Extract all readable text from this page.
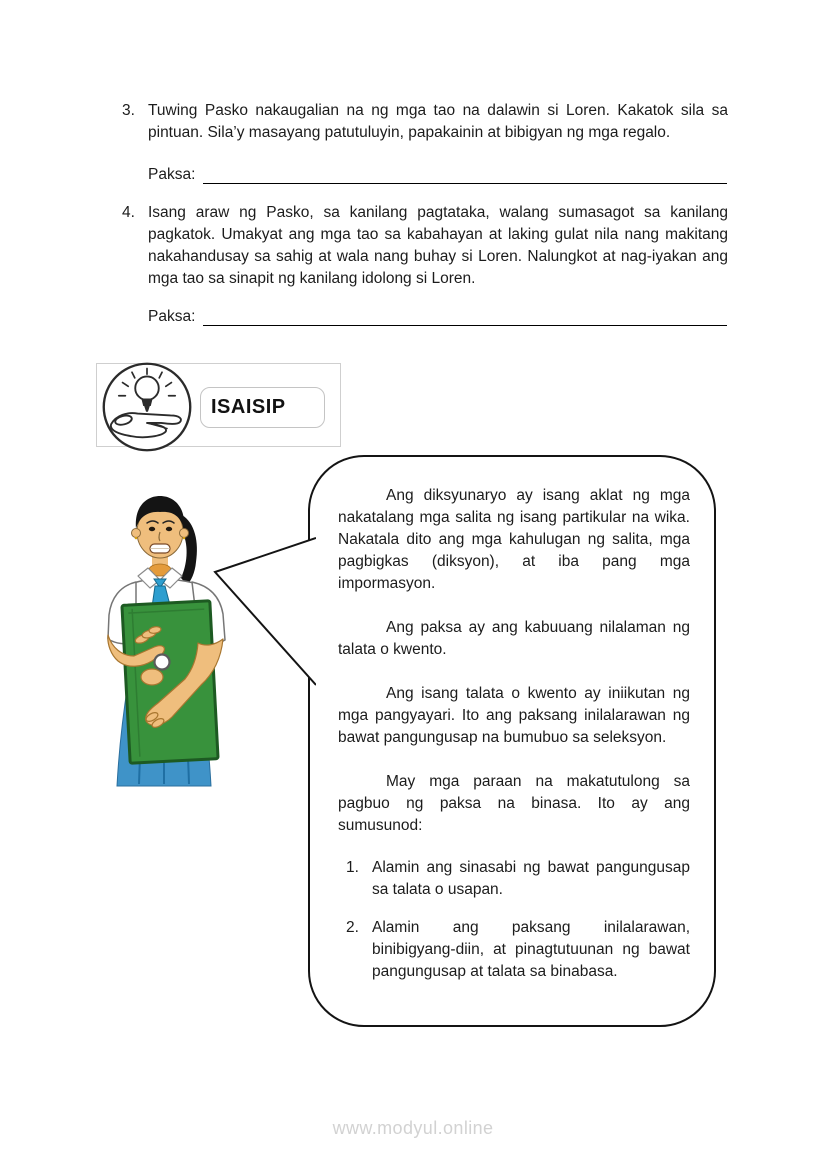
3. Tuwing Pasko nakaugalian na ng mga tao na dalawin si Loren. Kakatok sila sa pintuan. Sila’y masayang patutuluyin, papakainin at bibigyan ng mga regalo.
Paksa:
4. Isang araw ng Pasko, sa kanilang pagtataka, walang sumasagot sa kanilang pagkatok. Umakyat ang mga tao sa kabahayan at laking gulat nila nang makitang nakahandusay sa sahig at wala nang buhay si Loren. Nalungkot at nag-iyakan ang mga tao sa sinapit ng kanilang idolong si Loren.
Paksa:
ISAISIP

Ang diksyunaryo ay isang aklat ng mga nakatalang mga salita ng isang partikular na wika. Nakatala dito ang mga kahulugan ng salita, mga pagbigkas (diksyon), at iba pang mga impormasyon.

Ang paksa ay ang kabuuang nilalaman ng talata o kwento.

Ang isang talata o kwento ay iniikutan ng mga pangyayari. Ito ang paksang inilalarawan ng bawat pangungusap na bumubuo sa seleksyon.

May mga paraan na makatutulong sa pagbuo ng paksa na binasa. Ito ay ang sumusunod:

1. Alamin ang sinasabi ng bawat pangungusap sa talata o usapan.
2. Alamin ang paksang inilalarawan, binibigyang-diin, at pinagtutuunan ng bawat pangungusap at talata sa binabasa.
www.modyul.online
